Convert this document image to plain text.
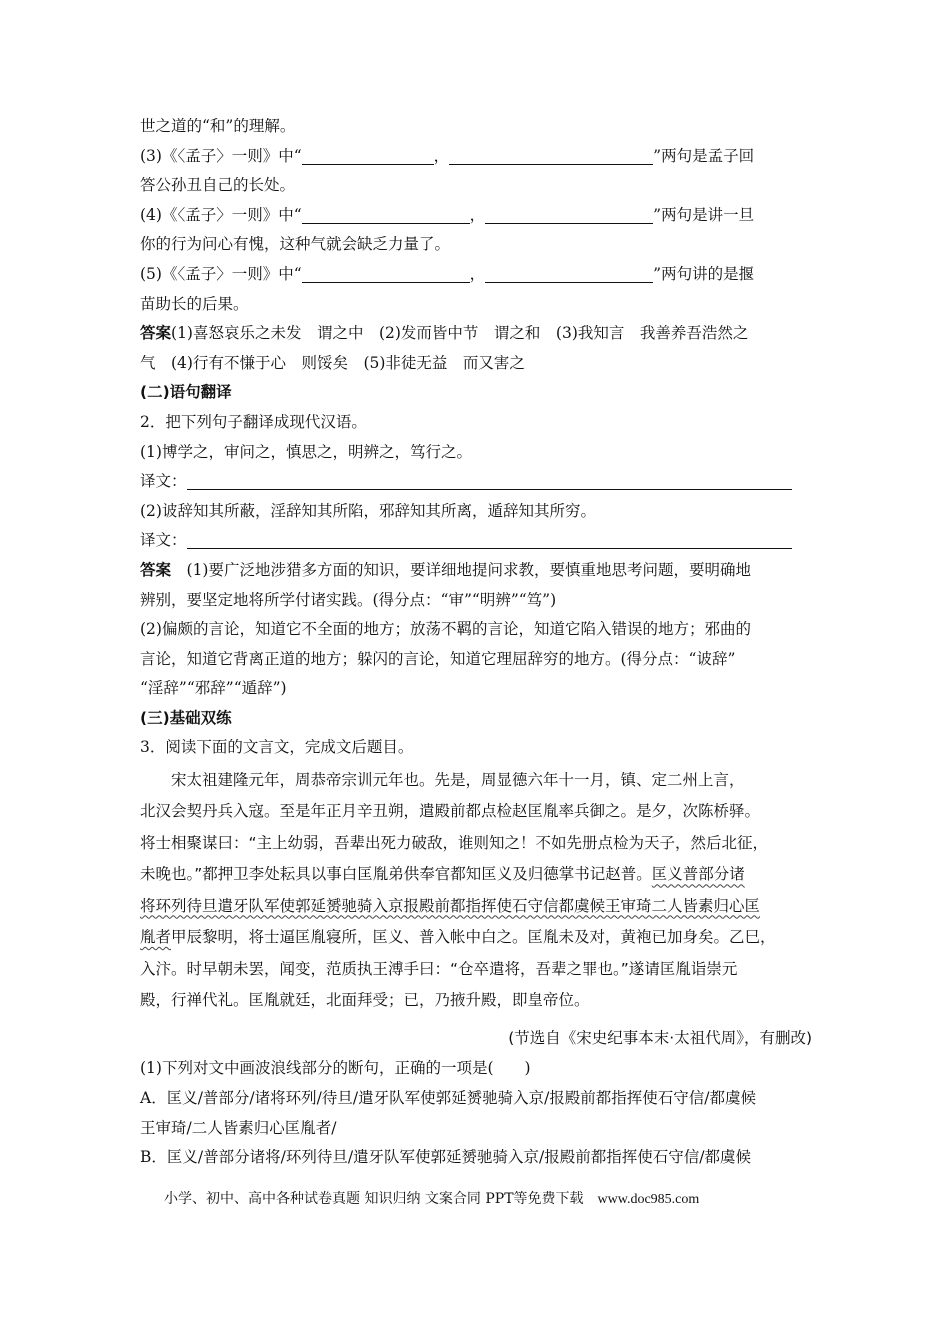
世之道的“和”的理解。
(3)《〈孟子〉一则》中“	，	”两句是孟子回
答公孙丑自己的长处。
(4)《〈孟子〉一则》中“	，	”两句是讲一旦
你的行为问心有愧，这种气就会缺乏力量了。
(5)《〈孟子〉一则》中“	，	”两句讲的是揠
苗助长的后果。
答案(1)喜怒哀乐之未发　谓之中　(2)发而皆中节　谓之和　(3)我知言　我善养吾浩然之
气　(4)行有不慊于心　则馁矣　(5)非徒无益　而又害之
(二)语句翻译
2．把下列句子翻译成现代汉语。
(1)博学之，审问之，慎思之，明辨之，笃行之。
译文：
(2)诐辞知其所蔽，淫辞知其所陷，邪辞知其所离，遁辞知其所穷。
译文：
答案　(1)要广泛地涉猎多方面的知识，要详细地提问求教，要慎重地思考问题，要明确地
辨别，要坚定地将所学付诸实践。(得分点：“审”“明辨”“笃”)
(2)偏颇的言论，知道它不全面的地方；放荡不羁的言论，知道它陷入错误的地方；邪曲的
言论，知道它背离正道的地方；躲闪的言论，知道它理屈辞穷的地方。(得分点：“诐辞”
“淫辞”“邪辞”“遁辞”)
(三)基础双练
3．阅读下面的文言文，完成文后题目。
　　宋太祖建隆元年，周恭帝宗训元年也。先是，周显德六年十一月，镇、定二州上言，
北汉会契丹兵入寇。至是年正月辛丑朔，遣殿前都点检赵匡胤率兵御之。是夕，次陈桥驿。
将士相聚谋曰：“主上幼弱，吾辈出死力破敌，谁则知之！不如先册点检为天子，然后北征，
未晚也。”都押卫李处耘具以事白匡胤弟供奉官都知匡义及归德掌书记赵普。匡义普部分诸
将环列待旦遣牙队军使郭延赟驰骑入京报殿前都指挥使石守信都虞候王审琦二人皆素归心匡
胤者甲辰黎明，将士逼匡胤寝所，匡义、普入帐中白之。匡胤未及对，黄袍已加身矣。乙巳，
入汴。时早朝未罢，闻变，范质执王溥手曰：“仓卒遣将，吾辈之罪也。”遂请匡胤诣崇元
殿，行禅代礼。匡胤就廷，北面拜受；已，乃掖升殿，即皇帝位。
(节选自《宋史纪事本末·太祖代周》，有删改)
(1)下列对文中画波浪线部分的断句，正确的一项是(　　)
A．匡义/普部分/诸将环列/待旦/遣牙队军使郭延赟驰骑入京/报殿前都指挥使石守信/都虞候
王审琦/二人皆素归心匡胤者/
B．匡义/普部分诸将/环列待旦/遣牙队军使郭延赟驰骑入京/报殿前都指挥使石守信/都虞候
小学、初中、高中各种试卷真题 知识归纳 文案合同 PPT等免费下载 www.doc985.com
